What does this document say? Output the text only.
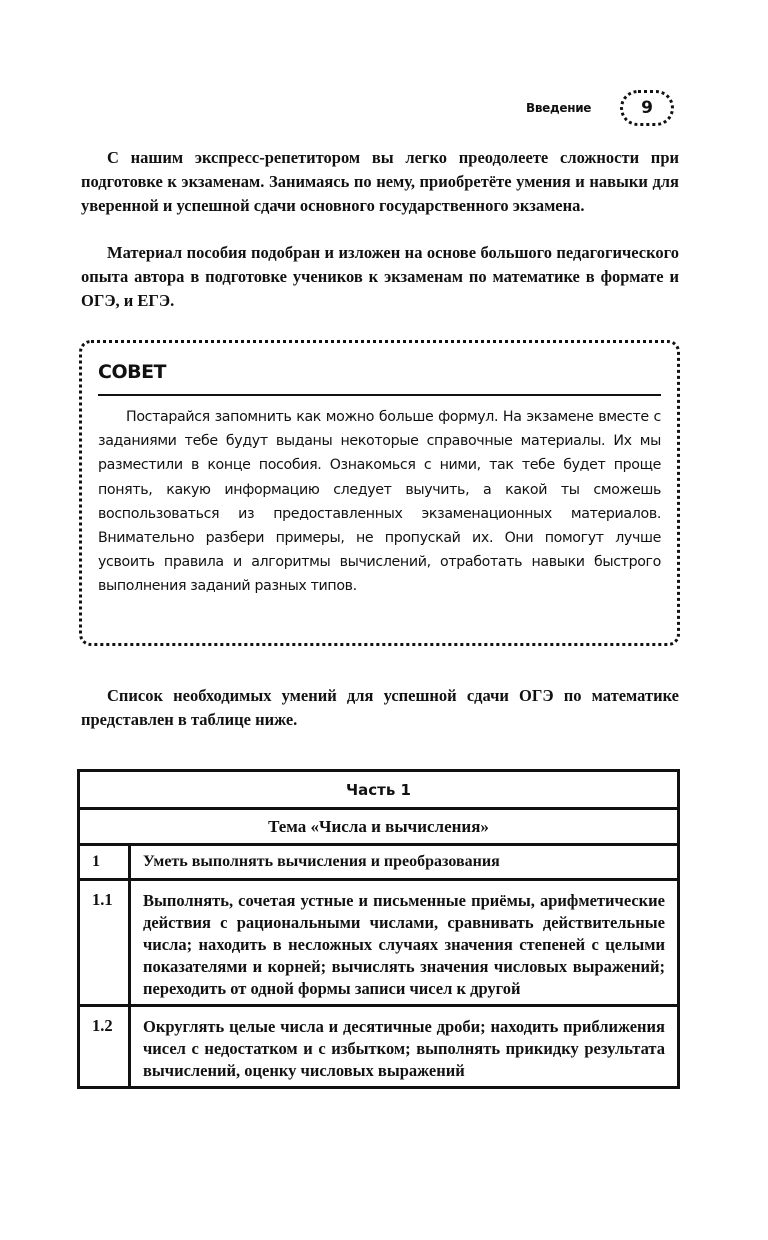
Введение	9

С нашим экспресс-репетитором вы легко преодолеете сложности при подготовке к экзаменам. Занимаясь по нему, приобретёте умения и навыки для уверенной и успешной сдачи основного государственного экзамена.

Материал пособия подобран и изложен на основе большого педагогического опыта автора в подготовке учеников к экзаменам по математике в формате и ОГЭ, и ЕГЭ.

СОВЕТ

Постарайся запомнить как можно больше формул. На экзамене вместе с заданиями тебе будут выданы некоторые справочные материалы. Их мы разместили в конце пособия. Ознакомься с ними, так тебе будет проще понять, какую информацию следует выучить, а какой ты сможешь воспользоваться из предоставленных экзаменационных материалов. Внимательно разбери примеры, не пропускай их. Они помогут лучше усвоить правила и алгоритмы вычислений, отработать навыки быстрого выполнения заданий разных типов.

Список необходимых умений для успешной сдачи ОГЭ по математике представлен в таблице ниже.

Часть 1	
Тема «Числа и вычисления»	
1	Уметь выполнять вычисления и преобразования
1.1	Выполнять, сочетая устные и письменные приёмы, арифметические действия с рациональными числами, сравнивать действительные числа; находить в несложных случаях значения степеней с целыми показателями и корней; вычислять значения числовых выражений; переходить от одной формы записи чисел к другой
1.2	Округлять целые числа и десятичные дроби; находить приближения чисел с недостатком и с избытком; выполнять прикидку результата вычислений, оценку числовых выражений
